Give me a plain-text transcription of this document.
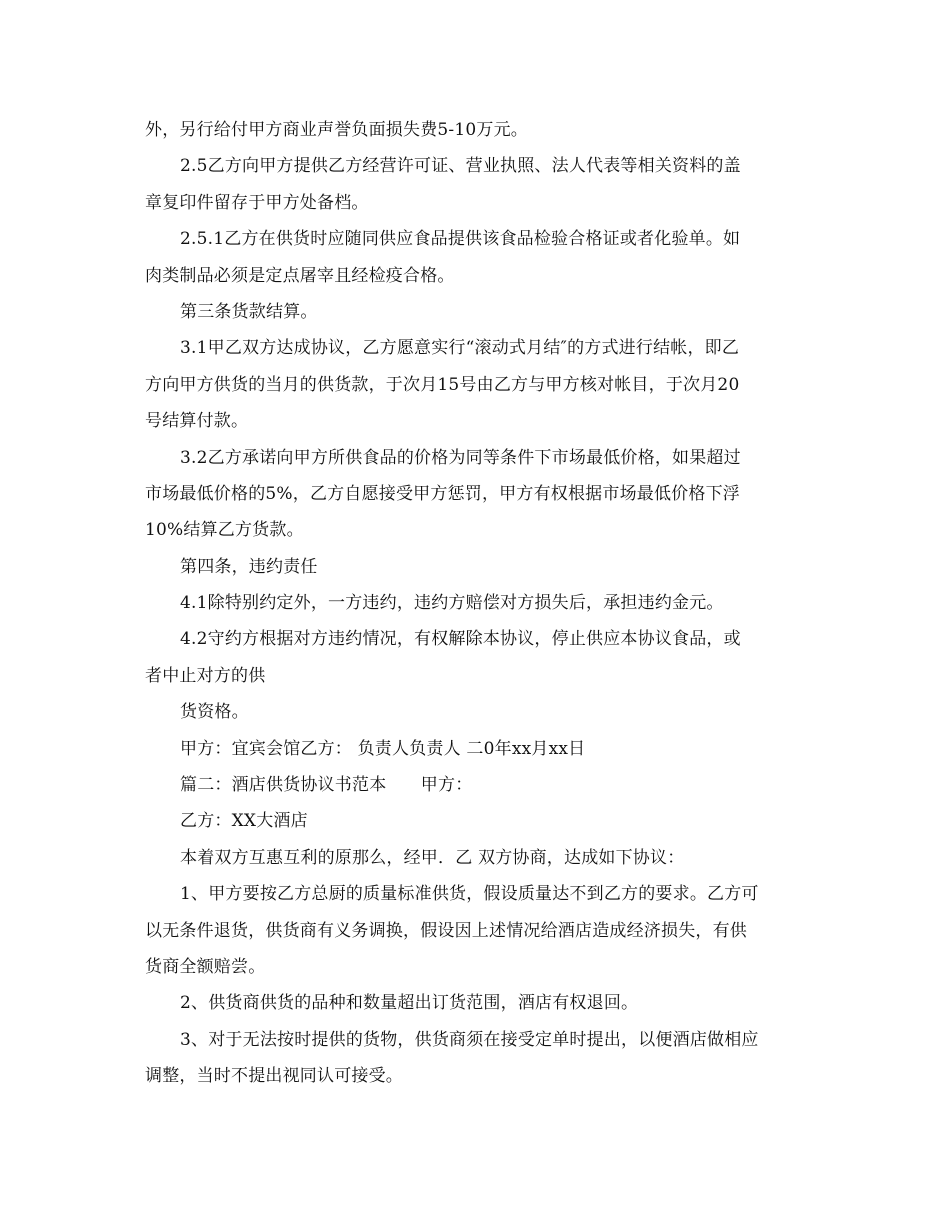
外，另行给付甲方商业声誉负面损失费5-10万元。
2.5乙方向甲方提供乙方经营许可证、营业执照、法人代表等相关资料的盖
章复印件留存于甲方处备档。
2.5.1乙方在供货时应随同供应食品提供该食品检验合格证或者化验单。如
肉类制品必须是定点屠宰且经检疫合格。
第三条货款结算。
3.1甲乙双方达成协议，乙方愿意实行“滚动式月结″的方式进行结帐，即乙
方向甲方供货的当月的供货款，于次月15号由乙方与甲方核对帐目，于次月20
号结算付款。
3.2乙方承诺向甲方所供食品的价格为同等条件下市场最低价格，如果超过
市场最低价格的5%，乙方自愿接受甲方惩罚，甲方有权根据市场最低价格下浮
10%结算乙方货款。
第四条，违约责任
4.1除特别约定外，一方违约，违约方赔偿对方损失后，承担违约金元。
4.2守约方根据对方违约情况，有权解除本协议，停止供应本协议食品，或
者中止对方的供
货资格。
甲方：宜宾会馆乙方： 负责人负责人 二0年xx月xx日
篇二：酒店供货协议书范本　　甲方：
乙方：XX大酒店
本着双方互惠互利的原那么，经甲．乙 双方协商，达成如下协议：
1、甲方要按乙方总厨的质量标准供货，假设质量达不到乙方的要求。乙方可
以无条件退货，供货商有义务调换，假设因上述情况给酒店造成经济损失，有供
货商全额赔尝。
2、供货商供货的品种和数量超出订货范围，酒店有权退回。
3、对于无法按时提供的货物，供货商须在接受定单时提出，以便酒店做相应
调整，当时不提出视同认可接受。
